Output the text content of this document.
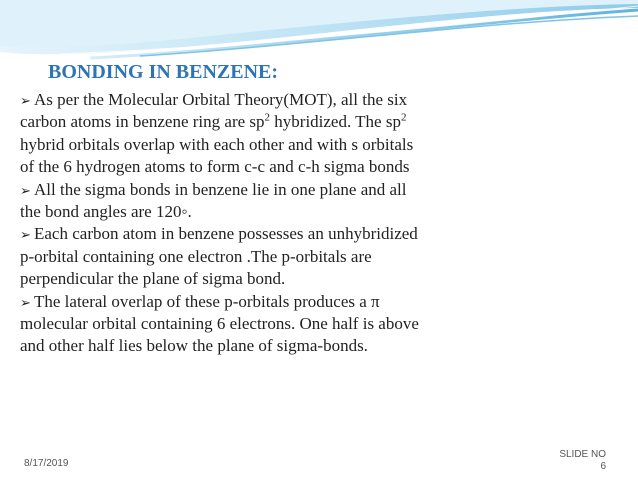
BONDING IN BENZENE:
➢ As per the Molecular Orbital Theory(MOT), all the six
carbon atoms in benzene ring are $sp^2$ hybridized. The $sp^2$
hybrid orbitals overlap with each other and with s orbitals
of the 6 hydrogen atoms to form c-c and c-h sigma bonds
➢ All the sigma bonds in benzene lie in one plane and all
the bond angles are 120◦.
➢ Each carbon atom in benzene possesses an unhybridized
p-orbital containing one electron .The p-orbitals are
perpendicular the plane of sigma bond.
➢ The lateral overlap of these p-orbitals produces a π
molecular orbital containing 6 electrons. One half is above
and other half lies below the plane of sigma-bonds.
8/17/2019
SLIDE NO
6
